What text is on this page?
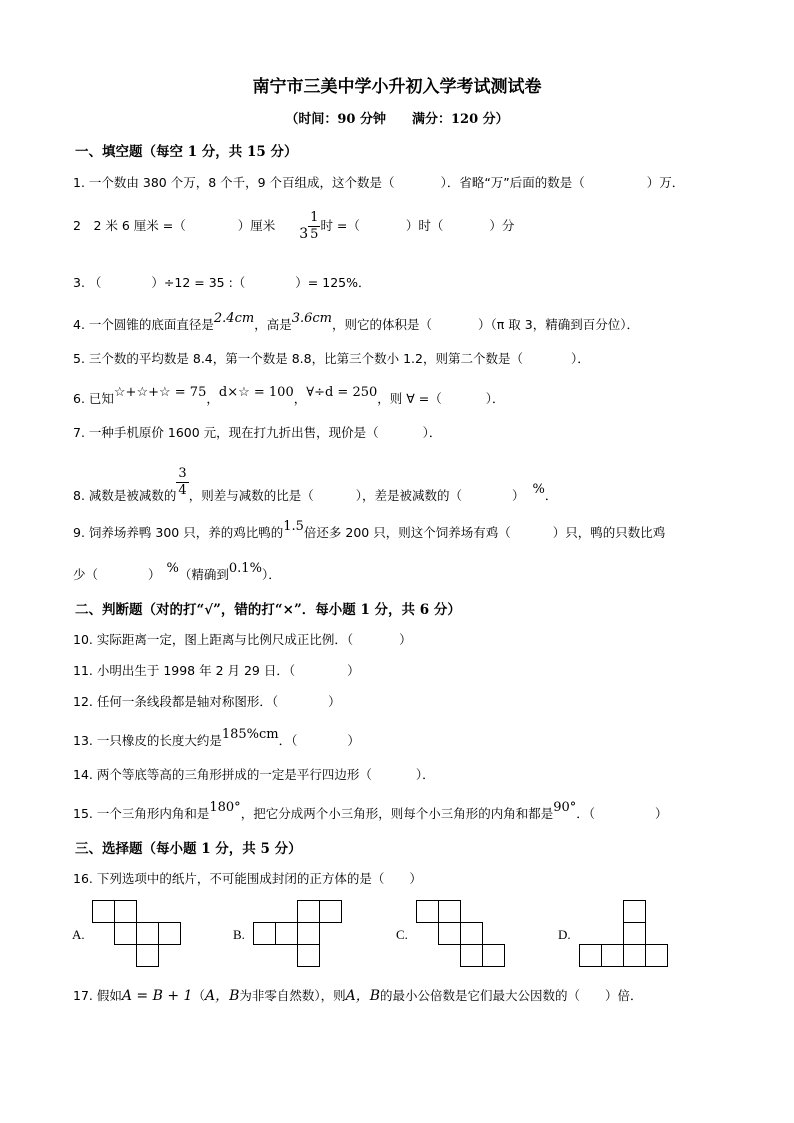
南宁市三美中学小升初入学考试测试卷
（时间：90 分钟　　满分：120 分）
一、填空题（每空 1 分，共 15 分）
1. 一个数由 380 个万，8 个千，9 个百组成，这个数是（	）．省略“万”后面的数是（	）万．
2　2 米 6 厘米 =（	）厘米 $3 \frac{1}{5}$ 时 =（	）时（	）分
3. （	）÷12 = 35 :（	）= 125%．
4. 一个圆锥的底面直径是2.4cm，高是3.6cm，则它的体积是（	）（π 取 3，精确到百分位）．
5. 三个数的平均数是 8.4，第一个数是 8.8，比第三个数小 1.2，则第二个数是（	）．
6. 已知☆+☆+☆ = 75，d×☆ = 100，∀÷d = 250，则 ∀ =（	）．
7. 一种手机原价 1600 元，现在打九折出售，现价是（	）．
8. 减数是被减数的 $\frac{3}{4}$ ，则差与减数的比是（	），差是被减数的（	） %．
9. 饲养场养鸭 300 只，养的鸡比鸭的1.5倍还多 200 只，则这个饲养场有鸡（	）只，鸭的只数比鸡
少（	） %（精确到0.1%）．
二、判断题（对的打“√”，错的打“×”．每小题 1 分，共 6 分）
10. 实际距离一定，图上距离与比例尺成正比例．（	）
11. 小明出生于 1998 年 2 月 29 日．（	）
12. 任何一条线段都是轴对称图形．（	）
13. 一只橡皮的长度大约是185%cm．（	）
14. 两个等底等高的三角形拼成的一定是平行四边形（	）．
15. 一个三角形内角和是180°，把它分成两个小三角形，则每个小三角形的内角和都是90°．（	）
三、选择题（每小题 1 分，共 5 分）
16. 下列选项中的纸片，不可能围成封闭的正方体的是（　　）
A.	B.	C.	D.
17. 假如A = B + 1（A，B为非零自然数），则A，B的最小公倍数是它们最大公因数的（　　）倍．
